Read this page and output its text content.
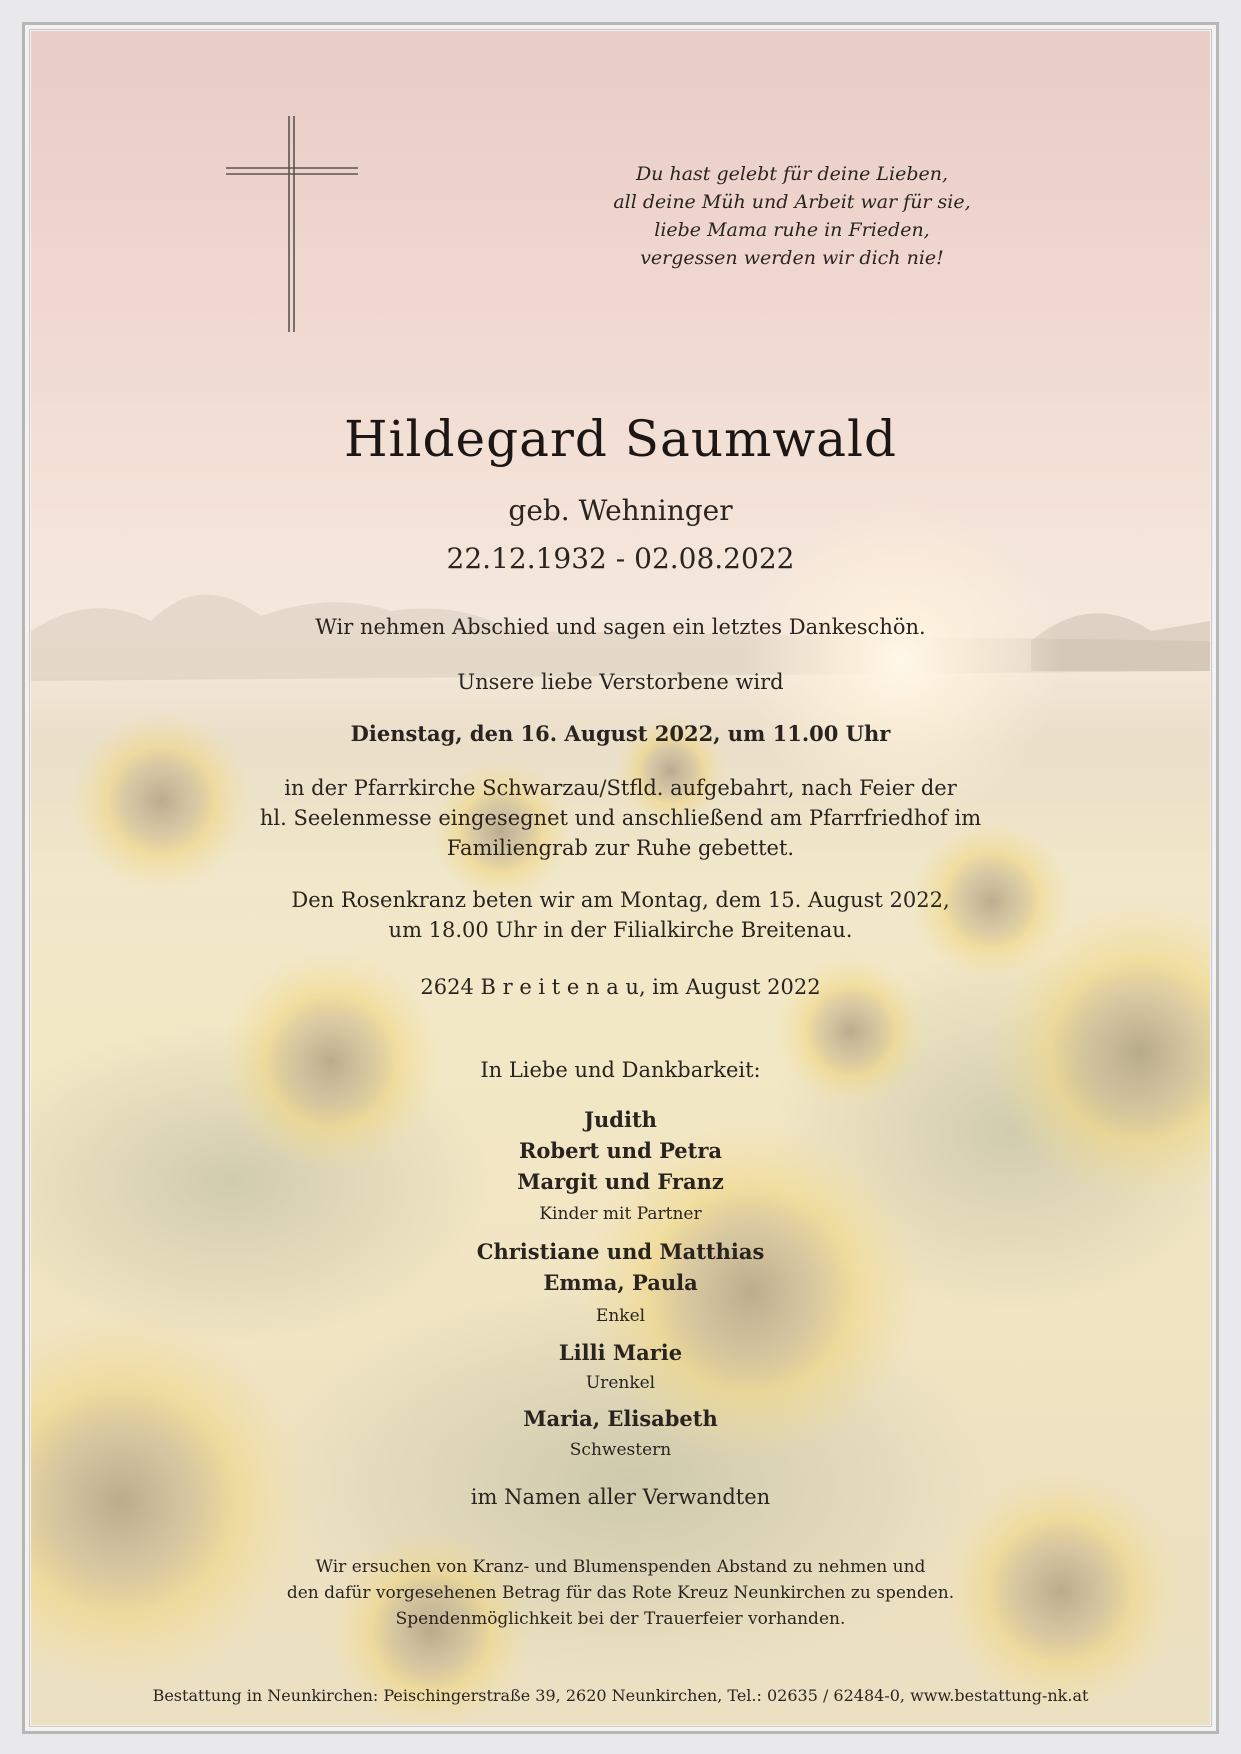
Du hast gelebt für deine Lieben,
all deine Müh und Arbeit war für sie,
liebe Mama ruhe in Frieden,
vergessen werden wir dich nie!
Hildegard Saumwald
geb. Wehninger
22.12.1932 - 02.08.2022
Wir nehmen Abschied und sagen ein letztes Dankeschön.
Unsere liebe Verstorbene wird
Dienstag, den 16. August 2022, um 11.00 Uhr
in der Pfarrkirche Schwarzau/Stfld. aufgebahrt, nach Feier der
hl. Seelenmesse eingesegnet und anschließend am Pfarrfriedhof im
Familiengrab zur Ruhe gebettet.
Den Rosenkranz beten wir am Montag, dem 15. August 2022,
um 18.00 Uhr in der Filialkirche Breitenau.
2624 B r e i t e n a u, im August 2022
In Liebe und Dankbarkeit:
Judith
Robert und Petra
Margit und Franz
Kinder mit Partner
Christiane und Matthias
Emma, Paula
Enkel
Lilli Marie
Urenkel
Maria, Elisabeth
Schwestern
im Namen aller Verwandten
Wir ersuchen von Kranz- und Blumenspenden Abstand zu nehmen und
den dafür vorgesehenen Betrag für das Rote Kreuz Neunkirchen zu spenden.
Spendenmöglichkeit bei der Trauerfeier vorhanden.
Bestattung in Neunkirchen: Peischingerstraße 39, 2620 Neunkirchen, Tel.: 02635 / 62484-0, www.bestattung-nk.at
